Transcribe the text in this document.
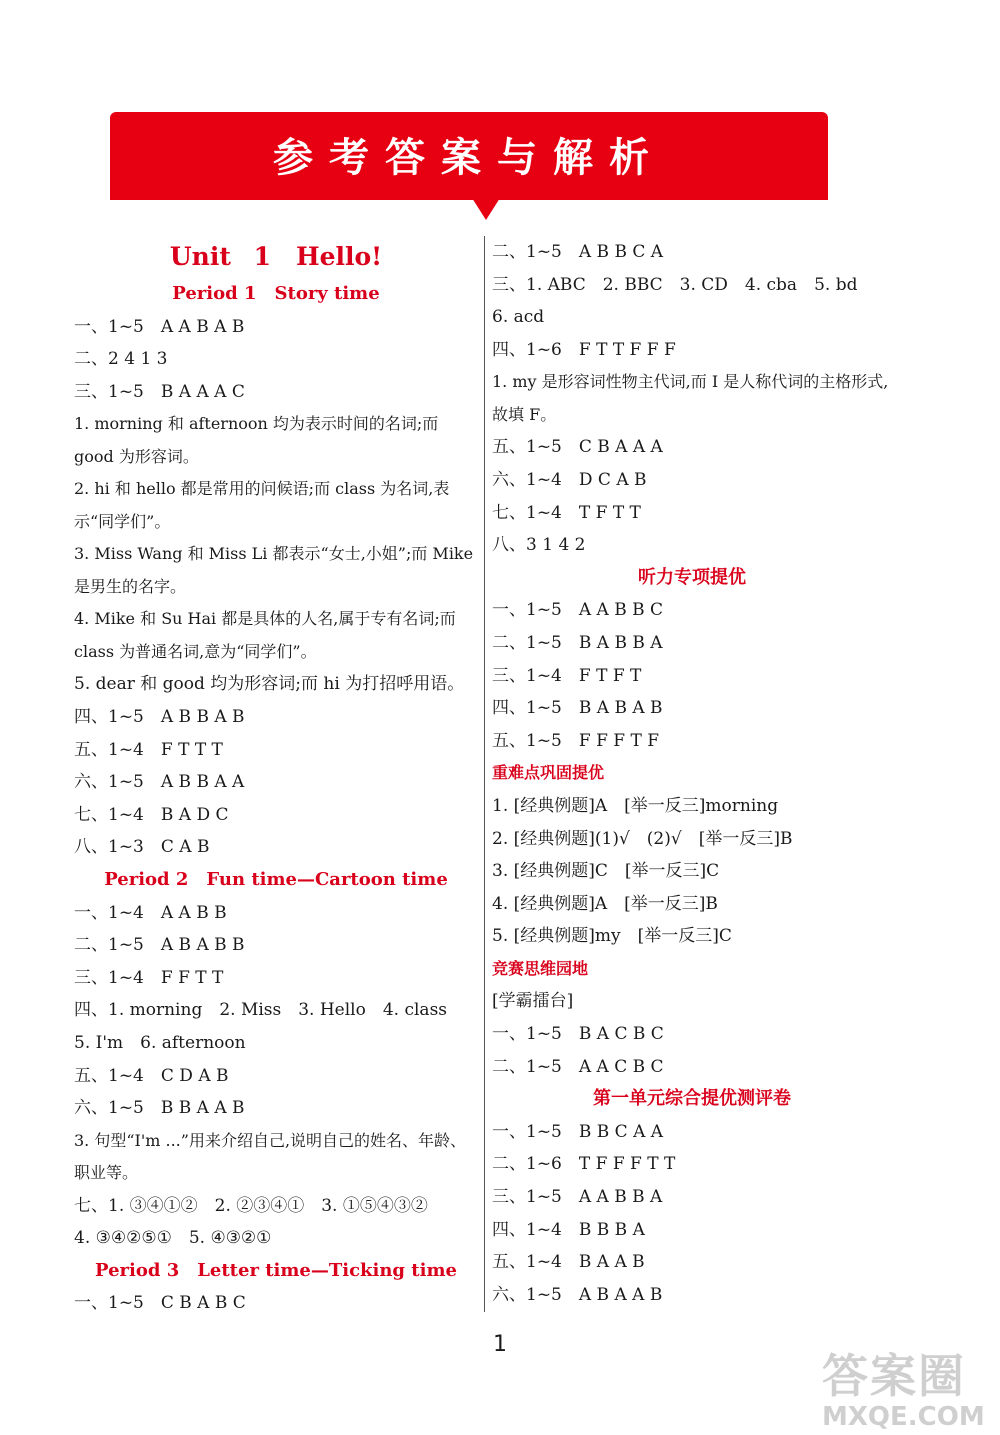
参考答案与解析
Unit 1　Hello!
Period 1　Story time
一、1~5　A A B A B
二、2 4 1 3
三、1~5　B A A A C
1. morning 和 afternoon 均为表示时间的名词;而 good 为形容词。
2. hi 和 hello 都是常用的问候语;而 class 为名词,表示“同学们”。
3. Miss Wang 和 Miss Li 都表示“女士,小姐”;而 Mike 是男生的名字。
4. Mike 和 Su Hai 都是具体的人名,属于专有名词;而 class 为普通名词,意为“同学们”。
5. dear 和 good 均为形容词;而 hi 为打招呼用语。
四、1~5　A B B A B
五、1~4　F T T T
六、1~5　A B B A A
七、1~4　B A D C
八、1~3　C A B
Period 2　Fun time—Cartoon time
一、1~4　A A B B
二、1~5　A B A B B
三、1~4　F F T T
四、1. morning　2. Miss　3. Hello　4. class
5. I'm　6. afternoon
五、1~4　C D A B
六、1~5　B B A A B
3. 句型“I'm ...”用来介绍自己,说明自己的姓名、年龄、职业等。
七、1. ③④①②　2. ②③④①　3. ①⑤④③②
4. ③④②⑤①　5. ④③②①
Period 3　Letter time—Ticking time
一、1~5　C B A B C
二、1~5　A B B C A
三、1. ABC　2. BBC　3. CD　4. cba　5. bd
6. acd
四、1~6　F T T F F F
1. my 是形容词性物主代词,而 I 是人称代词的主格形式,故填 F。
五、1~5　C B A A A
六、1~4　D C A B
七、1~4　T F T T
八、3 1 4 2
听力专项提优
一、1~5　A A B B C
二、1~5　B A B B A
三、1~4　F T F T
四、1~5　B A B A B
五、1~5　F F F T F
重难点巩固提优
1. [经典例题]A　[举一反三]morning
2. [经典例题](1)√　(2)√　[举一反三]B
3. [经典例题]C　[举一反三]C
4. [经典例题]A　[举一反三]B
5. [经典例题]my　[举一反三]C
竞赛思维园地
[学霸擂台]
一、1~5　B A C B C
二、1~5　A A C B C
第一单元综合提优测评卷
一、1~5　B B C A A
二、1~6　T F F F T T
三、1~5　A A B B A
四、1~4　B B B A
五、1~4　B A A B
六、1~5　A B A A B
1
答案圈
MXQE.COM
